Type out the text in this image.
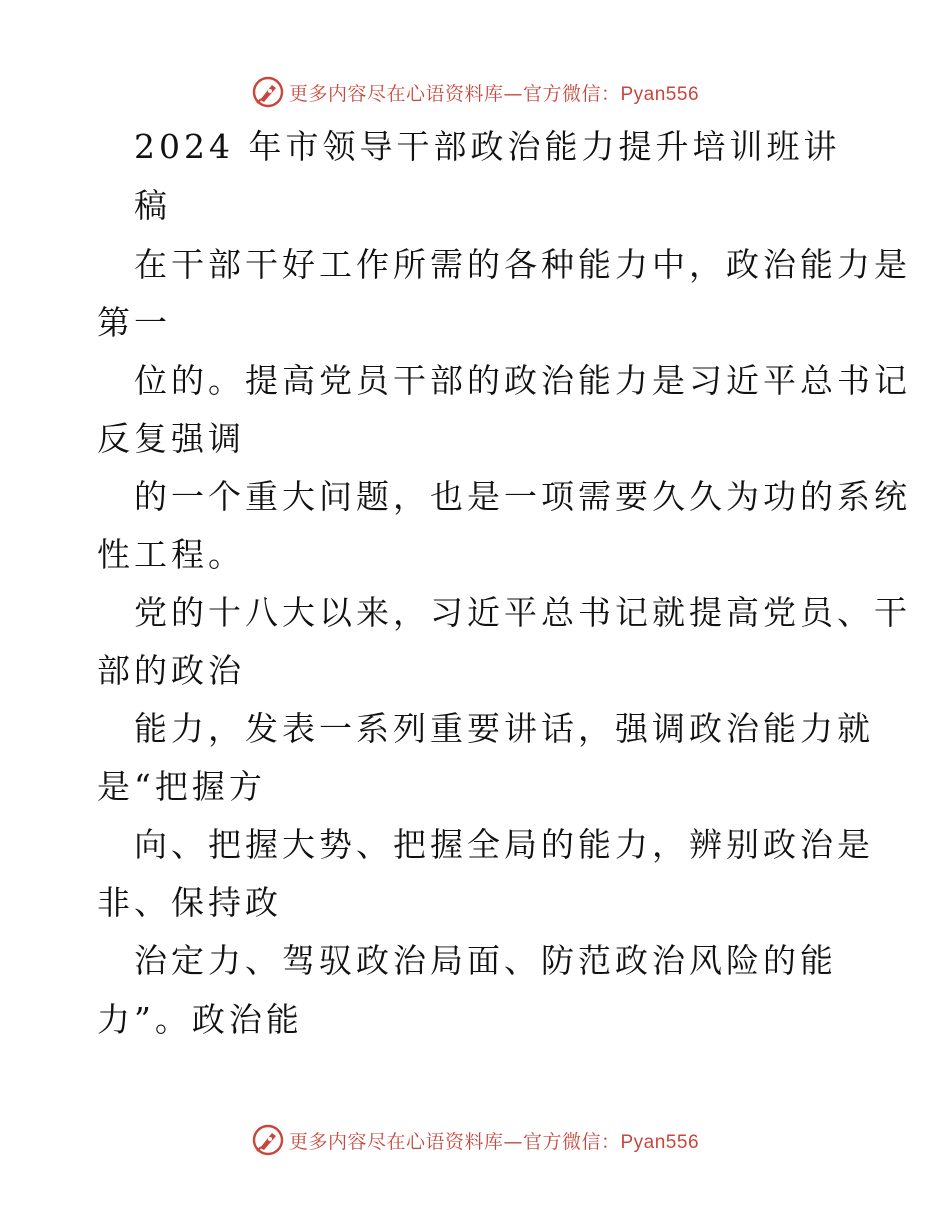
更多内容尽在心语资料库—官方微信：Pyan556
2024 年市领导干部政治能力提升培训班讲
稿
在干部干好工作所需的各种能力中，政治能力是
第一
位的。提高党员干部的政治能力是习近平总书记
反复强调
的一个重大问题，也是一项需要久久为功的系统
性工程。
党的十八大以来，习近平总书记就提高党员、干
部的政治
能力，发表一系列重要讲话，强调政治能力就
是“把握方
向、把握大势、把握全局的能力，辨别政治是
非、保持政
治定力、驾驭政治局面、防范政治风险的能
力”。政治能
更多内容尽在心语资料库—官方微信：Pyan556
